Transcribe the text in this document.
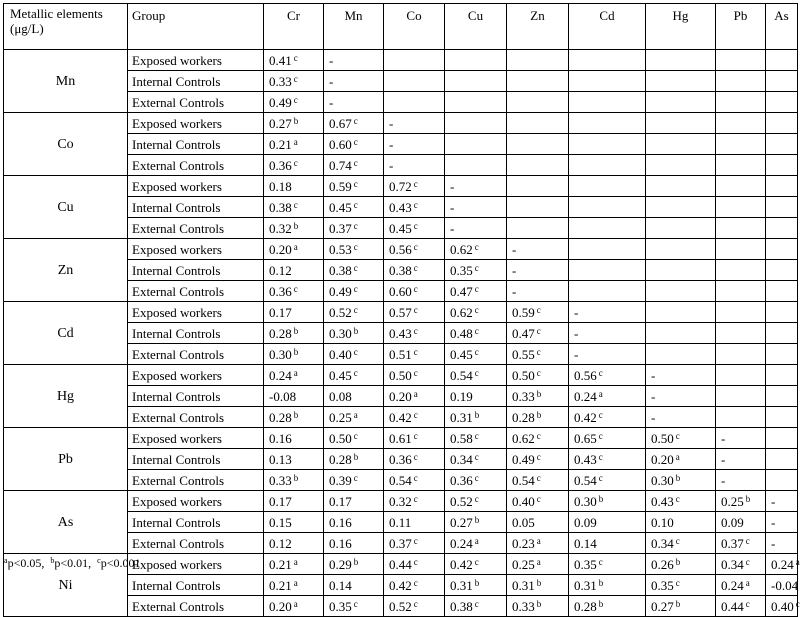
Metallic elements (μg/L)	Group	Cr	Mn	Co	Cu	Zn	Cd	Hg	Pb	As
Mn	Exposed workers	0.41 $^c$	-							
	Internal Controls	0.33 $^c$	-							
	External Controls	0.49 $^c$	-							
Co	Exposed workers	0.27 $^b$	0.67 $^c$	-						
	Internal Controls	0.21 $^a$	0.60 $^c$	-						
	External Controls	0.36 $^c$	0.74 $^c$	-						
Cu	Exposed workers	0.18	0.59 $^c$	0.72 $^c$	-					
	Internal Controls	0.38 $^c$	0.45 $^c$	0.43 $^c$	-					
	External Controls	0.32 $^b$	0.37 $^c$	0.45 $^c$	-					
Zn	Exposed workers	0.20 $^a$	0.53 $^c$	0.56 $^c$	0.62 $^c$	-				
	Internal Controls	0.12	0.38 $^c$	0.38 $^c$	0.35 $^c$	-				
	External Controls	0.36 $^c$	0.49 $^c$	0.60 $^c$	0.47 $^c$	-				
Cd	Exposed workers	0.17	0.52 $^c$	0.57 $^c$	0.62 $^c$	0.59 $^c$	-			
	Internal Controls	0.28 $^b$	0.30 $^b$	0.43 $^c$	0.48 $^c$	0.47 $^c$	-			
	External Controls	0.30 $^b$	0.40 $^c$	0.51 $^c$	0.45 $^c$	0.55 $^c$	-			
Hg	Exposed workers	0.24 $^a$	0.45 $^c$	0.50 $^c$	0.54 $^c$	0.50 $^c$	0.56 $^c$	-		
	Internal Controls	-0.08	0.08	0.20 $^a$	0.19	0.33 $^b$	0.24 $^a$	-		
	External Controls	0.28 $^b$	0.25 $^a$	0.42 $^c$	0.31 $^b$	0.28 $^b$	0.42 $^c$	-		
Pb	Exposed workers	0.16	0.50 $^c$	0.61 $^c$	0.58 $^c$	0.62 $^c$	0.65 $^c$	0.50 $^c$	-	
	Internal Controls	0.13	0.28 $^b$	0.36 $^c$	0.34 $^c$	0.49 $^c$	0.43 $^c$	0.20 $^a$	-	
	External Controls	0.33 $^b$	0.39 $^c$	0.54 $^c$	0.36 $^c$	0.54 $^c$	0.54 $^c$	0.30 $^b$	-	
As	Exposed workers	0.17	0.17	0.32 $^c$	0.52 $^c$	0.40 $^c$	0.30 $^b$	0.43 $^c$	0.25 $^b$	-
	Internal Controls	0.15	0.16	0.11	0.27 $^b$	0.05	0.09	0.10	0.09	-
	External Controls	0.12	0.16	0.37 $^c$	0.24 $^a$	0.23 $^a$	0.14	0.34 $^c$	0.37 $^c$	-
Ni	Exposed workers	0.21 $^a$	0.29 $^b$	0.44 $^c$	0.42 $^c$	0.25 $^a$	0.35 $^c$	0.26 $^b$	0.34 $^c$	0.24 $^a$
	Internal Controls	0.21 $^a$	0.14	0.42 $^c$	0.31 $^b$	0.31 $^b$	0.31 $^b$	0.35 $^c$	0.24 $^a$	-0.04
	External Controls	0.20 $^a$	0.35 $^c$	0.52 $^c$	0.38 $^c$	0.33 $^b$	0.28 $^b$	0.27 $^b$	0.44 $^c$	0.40 $^c$
$^a$p<0.05, $^b$p<0.01, $^c$p<0.001
